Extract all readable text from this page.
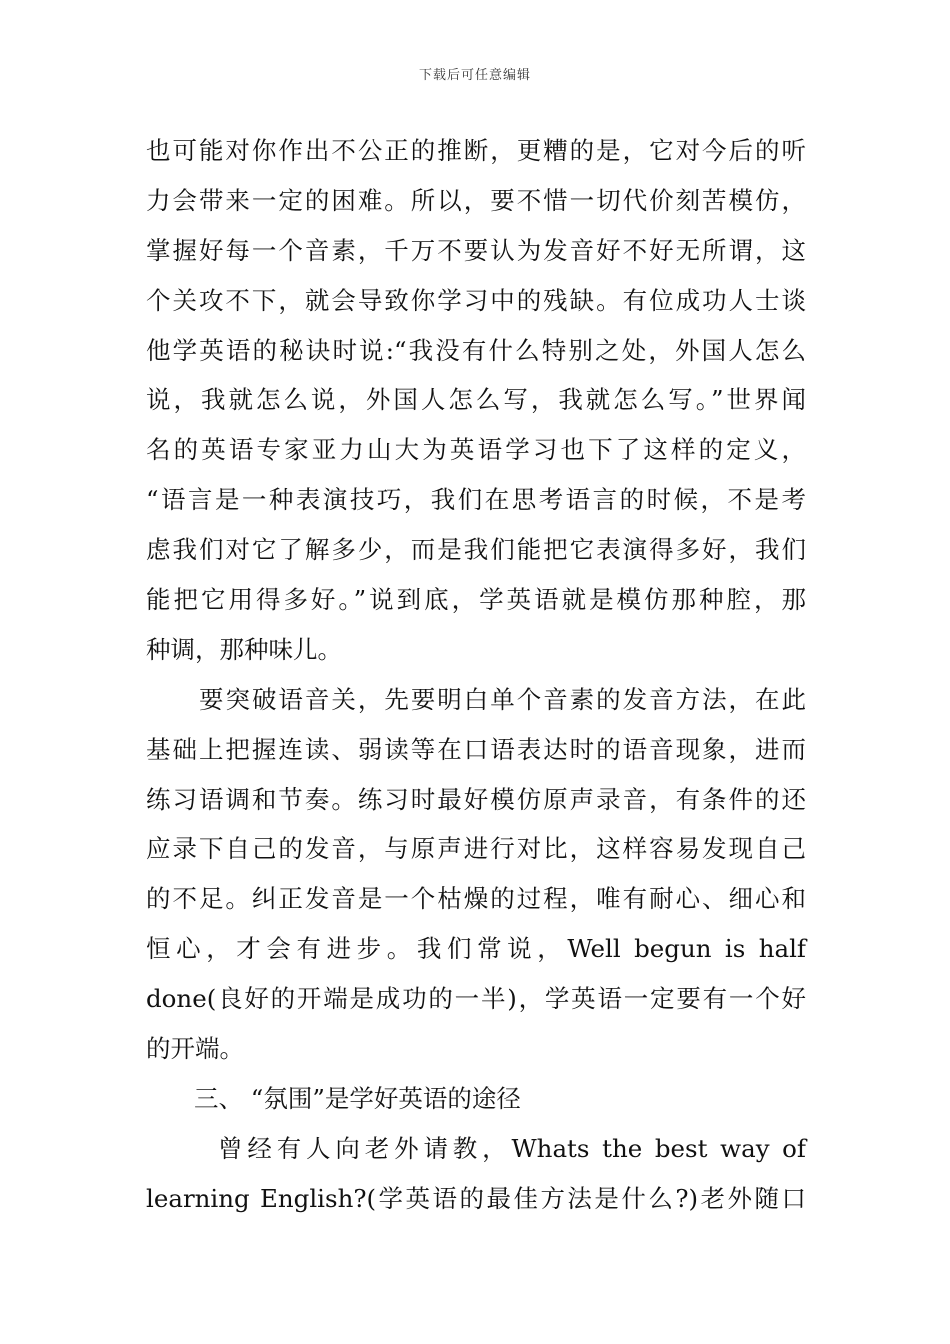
下载后可任意编辑
也可能对你作出不公正的推断，更糟的是，它对今后的听
力会带来一定的困难。所以，要不惜一切代价刻苦模仿，
掌握好每一个音素，千万不要认为发音好不好无所谓，这
个关攻不下，就会导致你学习中的残缺。有位成功人士谈
他学英语的秘诀时说:“我没有什么特别之处，外国人怎么
说，我就怎么说，外国人怎么写，我就怎么写。”世界闻
名的英语专家亚力山大为英语学习也下了这样的定义，
“语言是一种表演技巧，我们在思考语言的时候，不是考
虑我们对它了解多少，而是我们能把它表演得多好，我们
能把它用得多好。”说到底，学英语就是模仿那种腔，那
种调，那种味儿。
要突破语音关，先要明白单个音素的发音方法，在此
基础上把握连读、弱读等在口语表达时的语音现象，进而
练习语调和节奏。练习时最好模仿原声录音，有条件的还
应录下自己的发音，与原声进行对比，这样容易发现自己
的不足。纠正发音是一个枯燥的过程，唯有耐心、细心和
恒心，才会有进步。我们常说，Well begun is half
done(良好的开端是成功的一半)，学英语一定要有一个好
的开端。
三、 “氛围”是学好英语的途径
曾经有人向老外请教，Whats the best way of
learning English?(学英语的最佳方法是什么?)老外随口
